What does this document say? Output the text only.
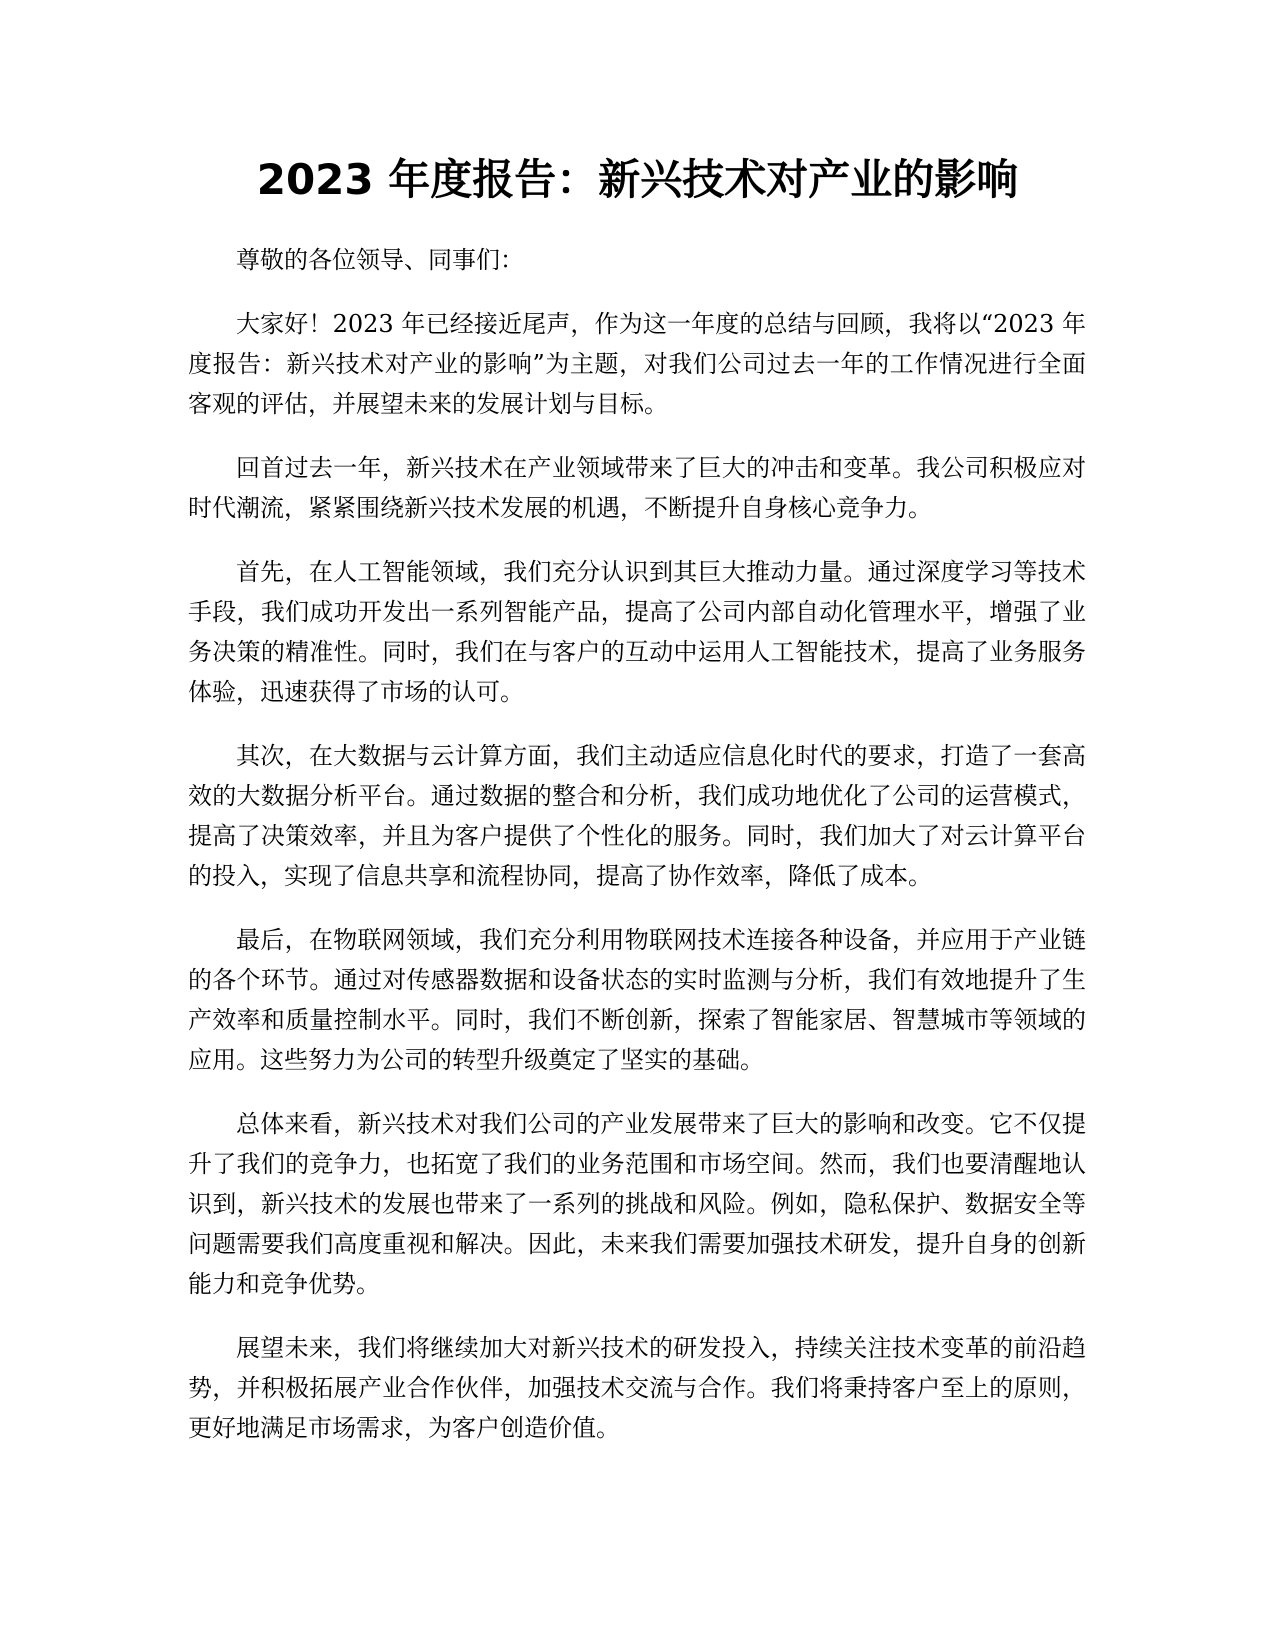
2023 年度报告：新兴技术对产业的影响

尊敬的各位领导、同事们：

大家好！2023 年已经接近尾声，作为这一年度的总结与回顾，我将以“2023 年度报告：新兴技术对产业的影响”为主题，对我们公司过去一年的工作情况进行全面客观的评估，并展望未来的发展计划与目标。

回首过去一年，新兴技术在产业领域带来了巨大的冲击和变革。我公司积极应对时代潮流，紧紧围绕新兴技术发展的机遇，不断提升自身核心竞争力。

首先，在人工智能领域，我们充分认识到其巨大推动力量。通过深度学习等技术手段，我们成功开发出一系列智能产品，提高了公司内部自动化管理水平，增强了业务决策的精准性。同时，我们在与客户的互动中运用人工智能技术，提高了业务服务体验，迅速获得了市场的认可。

其次，在大数据与云计算方面，我们主动适应信息化时代的要求，打造了一套高效的大数据分析平台。通过数据的整合和分析，我们成功地优化了公司的运营模式，提高了决策效率，并且为客户提供了个性化的服务。同时，我们加大了对云计算平台的投入，实现了信息共享和流程协同，提高了协作效率，降低了成本。

最后，在物联网领域，我们充分利用物联网技术连接各种设备，并应用于产业链的各个环节。通过对传感器数据和设备状态的实时监测与分析，我们有效地提升了生产效率和质量控制水平。同时，我们不断创新，探索了智能家居、智慧城市等领域的应用。这些努力为公司的转型升级奠定了坚实的基础。

总体来看，新兴技术对我们公司的产业发展带来了巨大的影响和改变。它不仅提升了我们的竞争力，也拓宽了我们的业务范围和市场空间。然而，我们也要清醒地认识到，新兴技术的发展也带来了一系列的挑战和风险。例如，隐私保护、数据安全等问题需要我们高度重视和解决。因此，未来我们需要加强技术研发，提升自身的创新能力和竞争优势。

展望未来，我们将继续加大对新兴技术的研发投入，持续关注技术变革的前沿趋势，并积极拓展产业合作伙伴，加强技术交流与合作。我们将秉持客户至上的原则，更好地满足市场需求，为客户创造价值。
